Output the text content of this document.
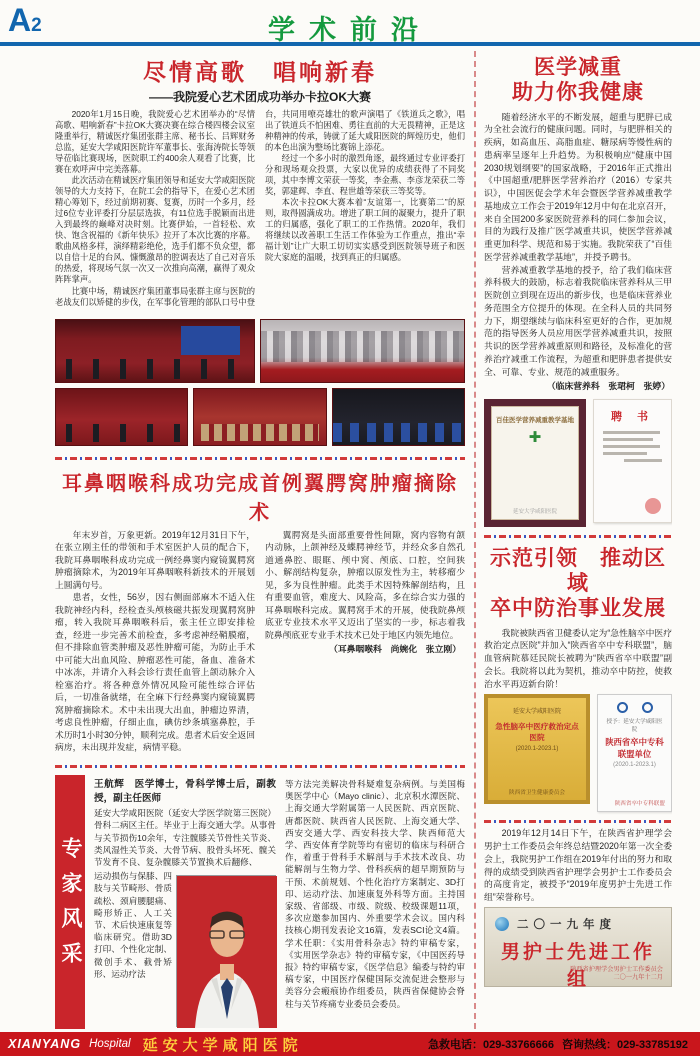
A2	学术前沿
尽情高歌　唱响新春
——我院爱心艺术团成功举办卡拉OK大赛

2020年1月15日晚，我院爱心艺术团举办的“尽情高歌、唱响新春”卡拉OK大赛决赛在综合楼四楼会议室隆重举行，精诚医疗集团张群主席、秘书长、吕辉财务总监，延安大学咸阳医院许军董事长、张海涛院长等领导莅临比赛现场，医院职工约400余人观看了比赛，比赛在欢呼声中完美落幕。

此次活动在精诚医疗集团领导和延安大学咸阳医院领导的大力支持下，在院工会的指导下，在爱心艺术团精心筹划下，经过前期初赛、复赛，历时一个多月，经过6位专业评委打分层层选拔，有11位选手脱颖而出进入到最终的巅峰对决时刻。比赛伊始，一首轻松、欢快、饱含祝福的《新年快乐》拉开了本次比赛的序幕。歌曲风格多样，演绎精彩绝伦，选手们都不负众望，都以自信十足的台风、慷慨激昂的腔调表达了自己对音乐的热爱，将现场气氛一次又一次推向高潮，赢得了观众阵阵掌声。

比赛中场，精诚医疗集团董事局张群主席与医院的老战友们以矫健的步伐，在军事化管理的部队口号中登台，共同用嘹亮雄壮的歌声演唱了《铁道兵之歌》，唱出了铁道兵不怕困难、勇往直前的大无畏精神，正是这种精神的传承，铸就了延大咸阳医院的辉煌历史，他们的本色出演为整场比赛锦上添花。

经过一个多小时的激烈角逐，最终通过专业评委打分和现场观众投票，大家以优异的成绩获得了不同奖项，其中李博文荣获一等奖，李金燕、李彦龙荣获二等奖，郭建辉、李直、程世雄等荣获三等奖等。

本次卡拉OK大赛本着“友谊第一，比赛第二”的原则，取得圆满成功。增进了职工间的凝聚力，提升了职工的归属感，强化了职工的工作热情。2020年，我们将继续以改善职工生活工作体验为工作重点，推出“幸福计划”让广大职工切切实实感受到医院领导班子和医院大家庭的温暖，找到真正的归属感。

耳鼻咽喉科成功完成首例翼腭窝肿瘤摘除术

年末岁首，万象更新。2019年12月31日下午，在张立刚主任的带领和手术室医护人员的配合下，我院耳鼻咽喉科成功完成一例经鼻窦内窥镜翼腭窝肿瘤摘除术，为2019年耳鼻咽喉科新技术的开展划上圆满句号。

患者，女性，56岁，因右侧面部麻木不适入住我院神经内科，经检查头颅核磁共振发现翼腭窝肿瘤，转入我院耳鼻咽喉科后，张主任立即安排检查，经进一步完善术前检查，多考虑神经鞘膜瘤，但不排除血管类肿瘤及恶性肿瘤可能，为防止手术中可能大出血风险、肿瘤恶性可能，备血、准备术中冰冻，并请介入科会诊行责任血管上颌动脉介入栓塞治疗。将各种意外情况风险可能性综合评估后，一切准备就绪，在全麻下行经鼻窦内窥镜翼腭窝肿瘤摘除术。术中未出现大出血，肿瘤边界清，考虑良性肿瘤，仔细止血，碘仿纱条填塞鼻腔，手术历时1小时30分钟，顺利完成。患者术后安全返回病房，未出现并发症，病情平稳。

翼腭窝是头面部重要骨性间隙，窝内容物有颌内动脉，上颌神经及蝶腭神经节，并经众多自然孔道通鼻腔、眼眶、颅中窝、颅底、口腔，空间狭小、解剖结构复杂，肿瘤以原发性为主，转移瘤少见，多为良性肿瘤。此类手术因特殊解剖结构，且有重要血管，难度大、风险高，多在综合实力强的耳鼻咽喉科完成。翼腭窝手术的开展，使我院鼻颅底亚专业技术水平又迈出了坚实的一步，标志着我院鼻颅底亚专业手术技术已处于地区内领先地位。

（耳鼻咽喉科　尚婉化　张立刚）

专家风采
王航辉　 医学博士，骨科学博士后，副教授，副主任医师
延安大学咸阳医院（延安大学医学院第三医院）骨科二病区主任。毕业于上海交通大学。从事骨与关节损伤10余年，专注髋膝关节骨性关节炎、类风湿性关节炎、大骨节病、股骨头坏死、髋关节发育不良、复杂髋膝关节置换术后翻修、
运动损伤与保膝、四肢与关节畸形、骨质疏松、颈肩腰腿痛、畸形矫正、人工关节、术后快速康复等临床研究。借助3D打印、个性化定制、微创手术、截骨矫形、运动疗法
等方法完美解决骨科疑难复杂病例。与美国梅奥医学中心（Mayo clinic）、北京积水潭医院、上海交通大学附属第一人民医院、西京医院、唐都医院、陕西省人民医院、上海交通大学、西安交通大学、西安科技大学、陕西师范大学、西安体育学院等均有密切的临床与科研合作，着重于骨科手术解剖与手术技术改良、功能解剖与生物力学、骨科疾病的超早期预防与干预、术前规划、个性化治疗方案制定、3D打印、运动疗法、加速康复外科等方面。主持国家级、省部级、市级、院级、校级课题11项，多次应邀参加国内、外重要学术会议。国内科技核心期刊发表论文16篇，发表SCI论文4篇。学术任职：《实用骨科杂志》特约审稿专家，《实用医学杂志》特约审稿专家，《中国医药导报》特约审稿专家，《医学信息》编委与特约审稿专家，中国医疗保健国际交流促进会整形与美容分会瘢痕协作组委员，陕西省保健协会脊柱与关节疼痛专业委员会委员。
医学减重
助力你我健康

随着经济水平的不断发展，超重与肥胖已成为全社会流行的健康问题。同时，与肥胖相关的疾病，如高血压、高脂血症、糖尿病等慢性病的患病率呈逐年上升趋势。为积极响应“健康中国2030规划纲要”的国家战略，于2016年正式推出《中国超重/肥胖医学营养治疗（2016）专家共识》，中国医促会学术年会暨医学营养减重教学基地成立工作会于2019年12月中旬在北京召开，来自全国200多家医院营养科的同仁参加会议，目的为践行及推广医学减重共识，使医学营养减重更加科学、规范和易于实施。我院荣获了“百佳医学营养减重教学基地”，并授予聘书。

营养减重教学基地的授予，给了我们临床营养科极大的鼓励，标志着我院临床营养科从三甲医院创立到现在迈出的新步伐，也是临床营养业务范围全方位提升的体现。在全科人员的共同努力下，期望继续与临床科室更好的合作，更加规范的指导医务人员应用医学营养减重共识，按照共识的医学营养减重原则和路径，及标准化的营养治疗减重工作流程，为超重和肥胖患者提供安全、可靠、专业、规范的减重服务。

（临床营养科　张珺柯　张婷）
百佳医学营养减重教学基地
✚
延安大学咸阳医院
聘 书
示范引领　推动区域
卒中防治事业发展

我院被陕西省卫健委认定为“急性脑卒中医疗救治定点医院”并加入“陕西省卒中专科联盟”，脑血管病院慕廷民院长被聘为“陕西省卒中联盟”副会长。我院将以此为契机，推动卒中防控，使救治水平再迈新台阶！

延安大学咸阳医院
急性脑卒中医疗救治定点医院
(2020.1-2023.1)
陕西省卫生健康委员会
授予：延安大学咸阳医院
陕西省卒中专科联盟单位
(2020.1-2023.1)
陕西省卒中专科联盟

2019年12月14日下午，在陕西省护理学会男护士工作委员会年终总结暨2020年第一次全委会上，我院男护工作组在2019年付出的努力和取得的成绩受到陕西省护理学会男护士工作委员会的高度肯定，被授予“2019年度男护士先进工作组”荣誉称号。

二〇一九年度
男护士先进工作组
陕西省护理学会男护士工作委员会
二〇一九年十二月
XIANYANG Hospital 延安大学咸阳医院	急救电话：029-33766666 咨询热线：029-33785192
